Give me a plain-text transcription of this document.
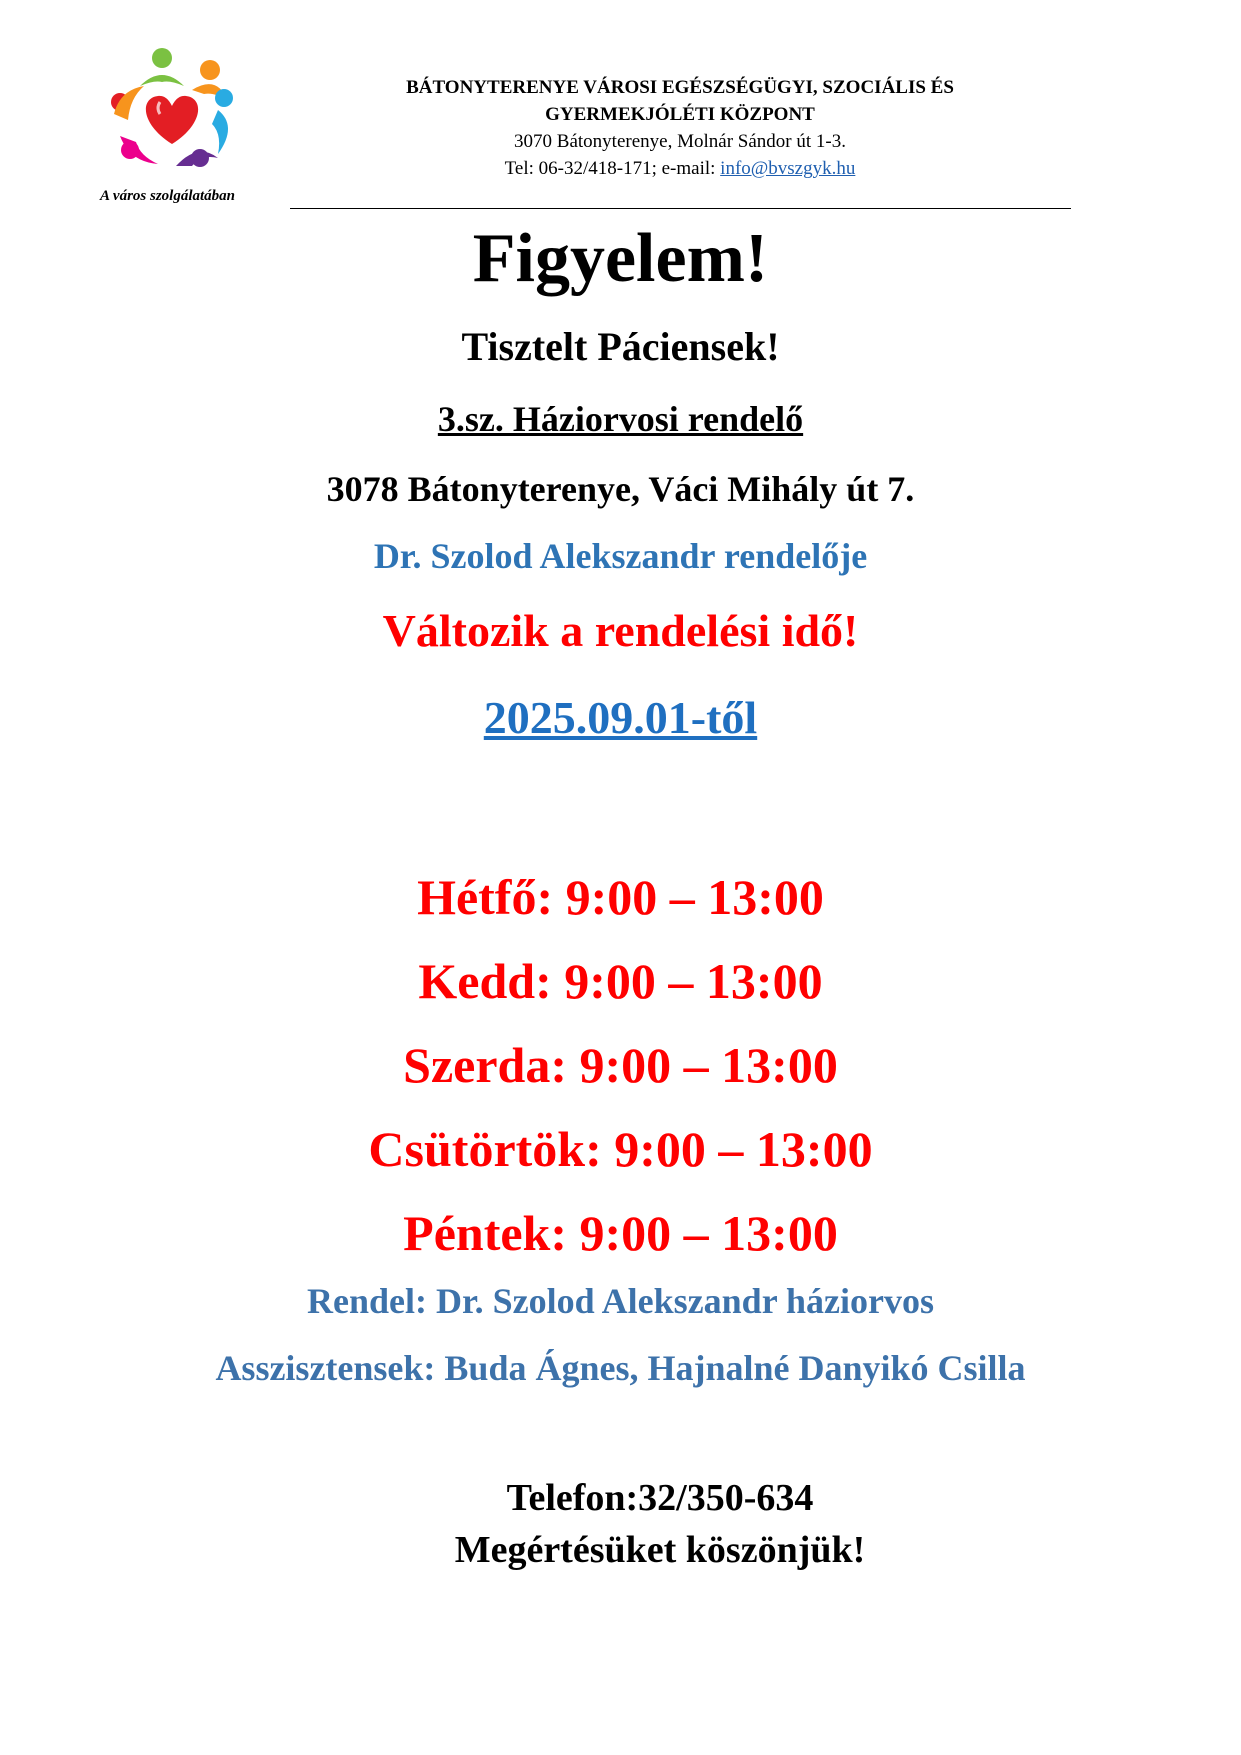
A város szolgálatában
BÁTONYTERENYE VÁROSI EGÉSZSÉGÜGYI, SZOCIÁLIS ÉS
GYERMEKJÓLÉTI KÖZPONT
3070 Bátonyterenye, Molnár Sándor út 1-3.
Tel: 06-32/418-171; e-mail: info@bvszgyk.hu
Figyelem!
Tisztelt Páciensek!
3.sz. Háziorvosi rendelő
3078 Bátonyterenye, Váci Mihály út 7.
Dr. Szolod Alekszandr rendelője
Változik a rendelési idő!
2025.09.01-től
Hétfő: 9:00 – 13:00
Kedd: 9:00 – 13:00
Szerda: 9:00 – 13:00
Csütörtök: 9:00 – 13:00
Péntek: 9:00 – 13:00
Rendel: Dr. Szolod Alekszandr háziorvos
Asszisztensek: Buda Ágnes, Hajnalné Danyikó Csilla
Telefon:32/350-634
Megértésüket köszönjük!
